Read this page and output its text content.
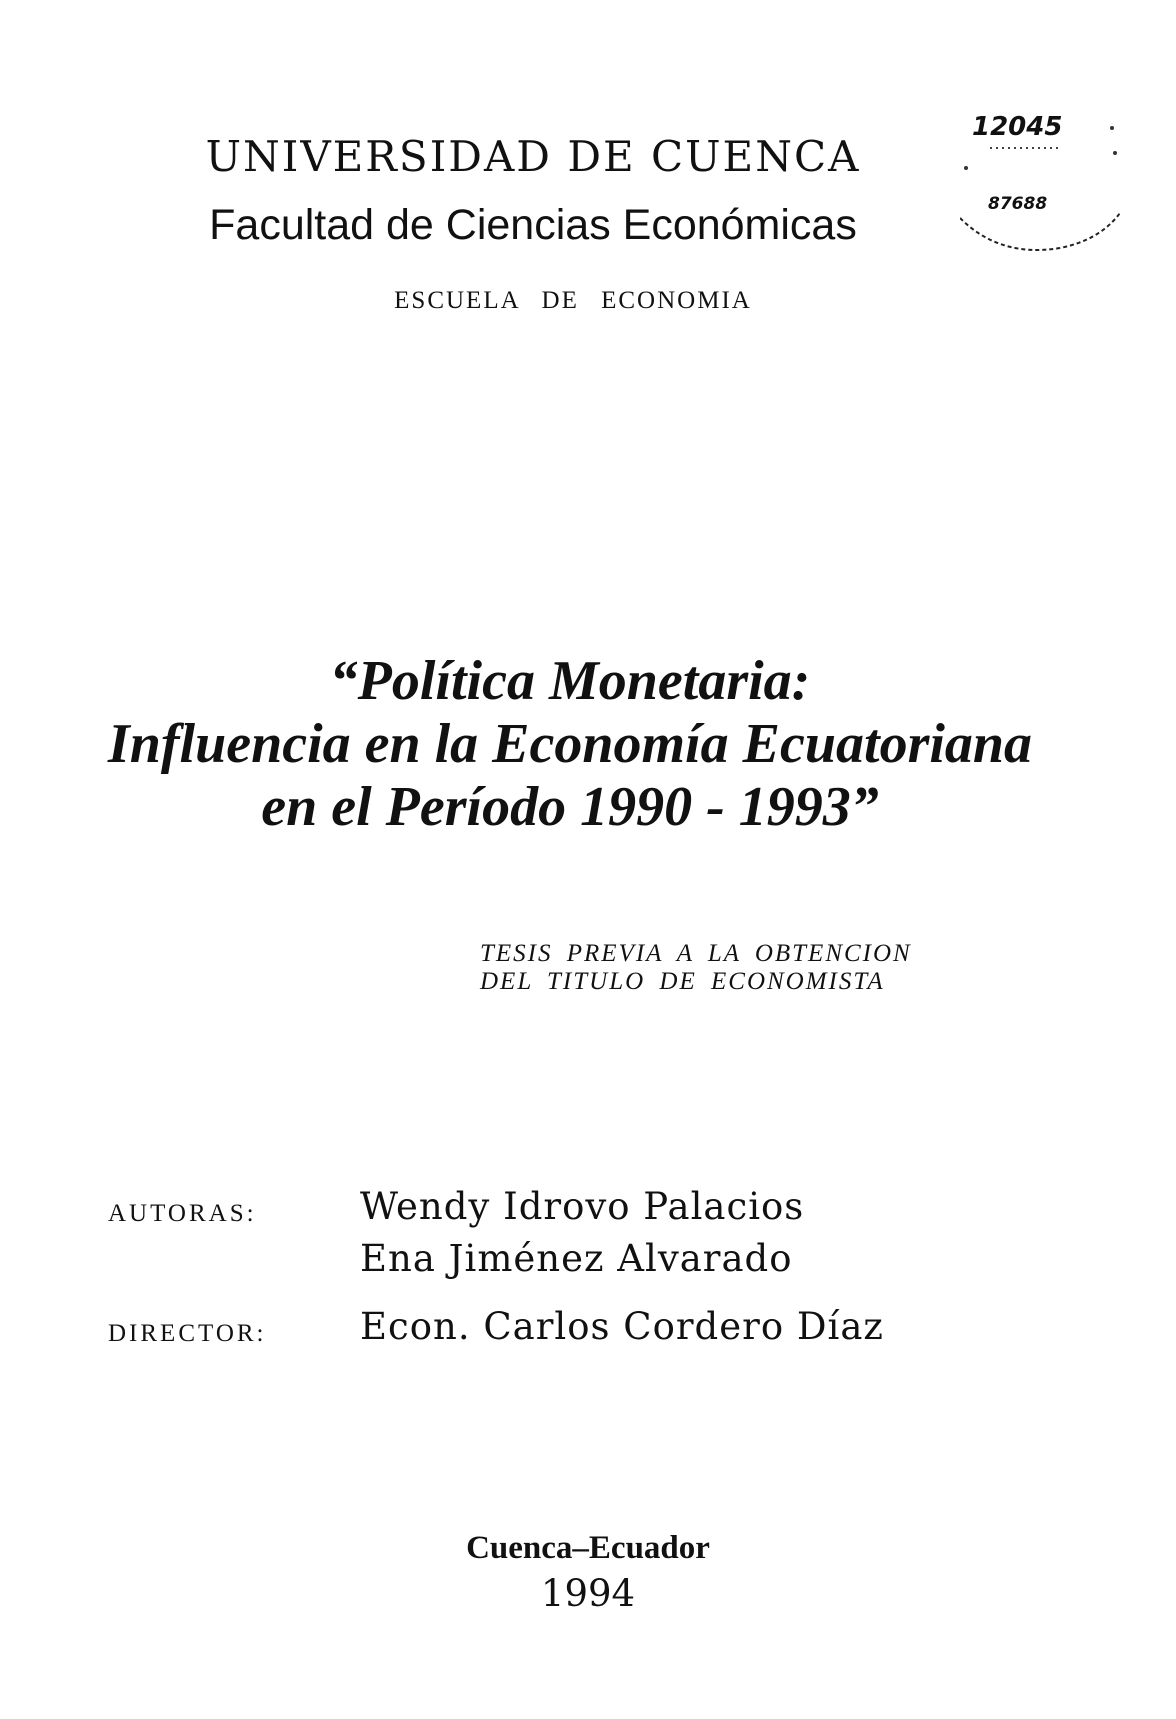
UNIVERSIDAD DE CUENCA
Facultad de Ciencias Económicas
ESCUELA DE ECONOMIA
12045
87688
“Política Monetaria:
Influencia en la Economía Ecuatoriana
en el Período 1990 - 1993”
TESIS PREVIA A LA OBTENCION
DEL TITULO DE ECONOMISTA
AUTORAS:	Wendy Idrovo Palacios
Ena Jiménez Alvarado
DIRECTOR:	Econ. Carlos Cordero Díaz
Cuenca–Ecuador
1994
